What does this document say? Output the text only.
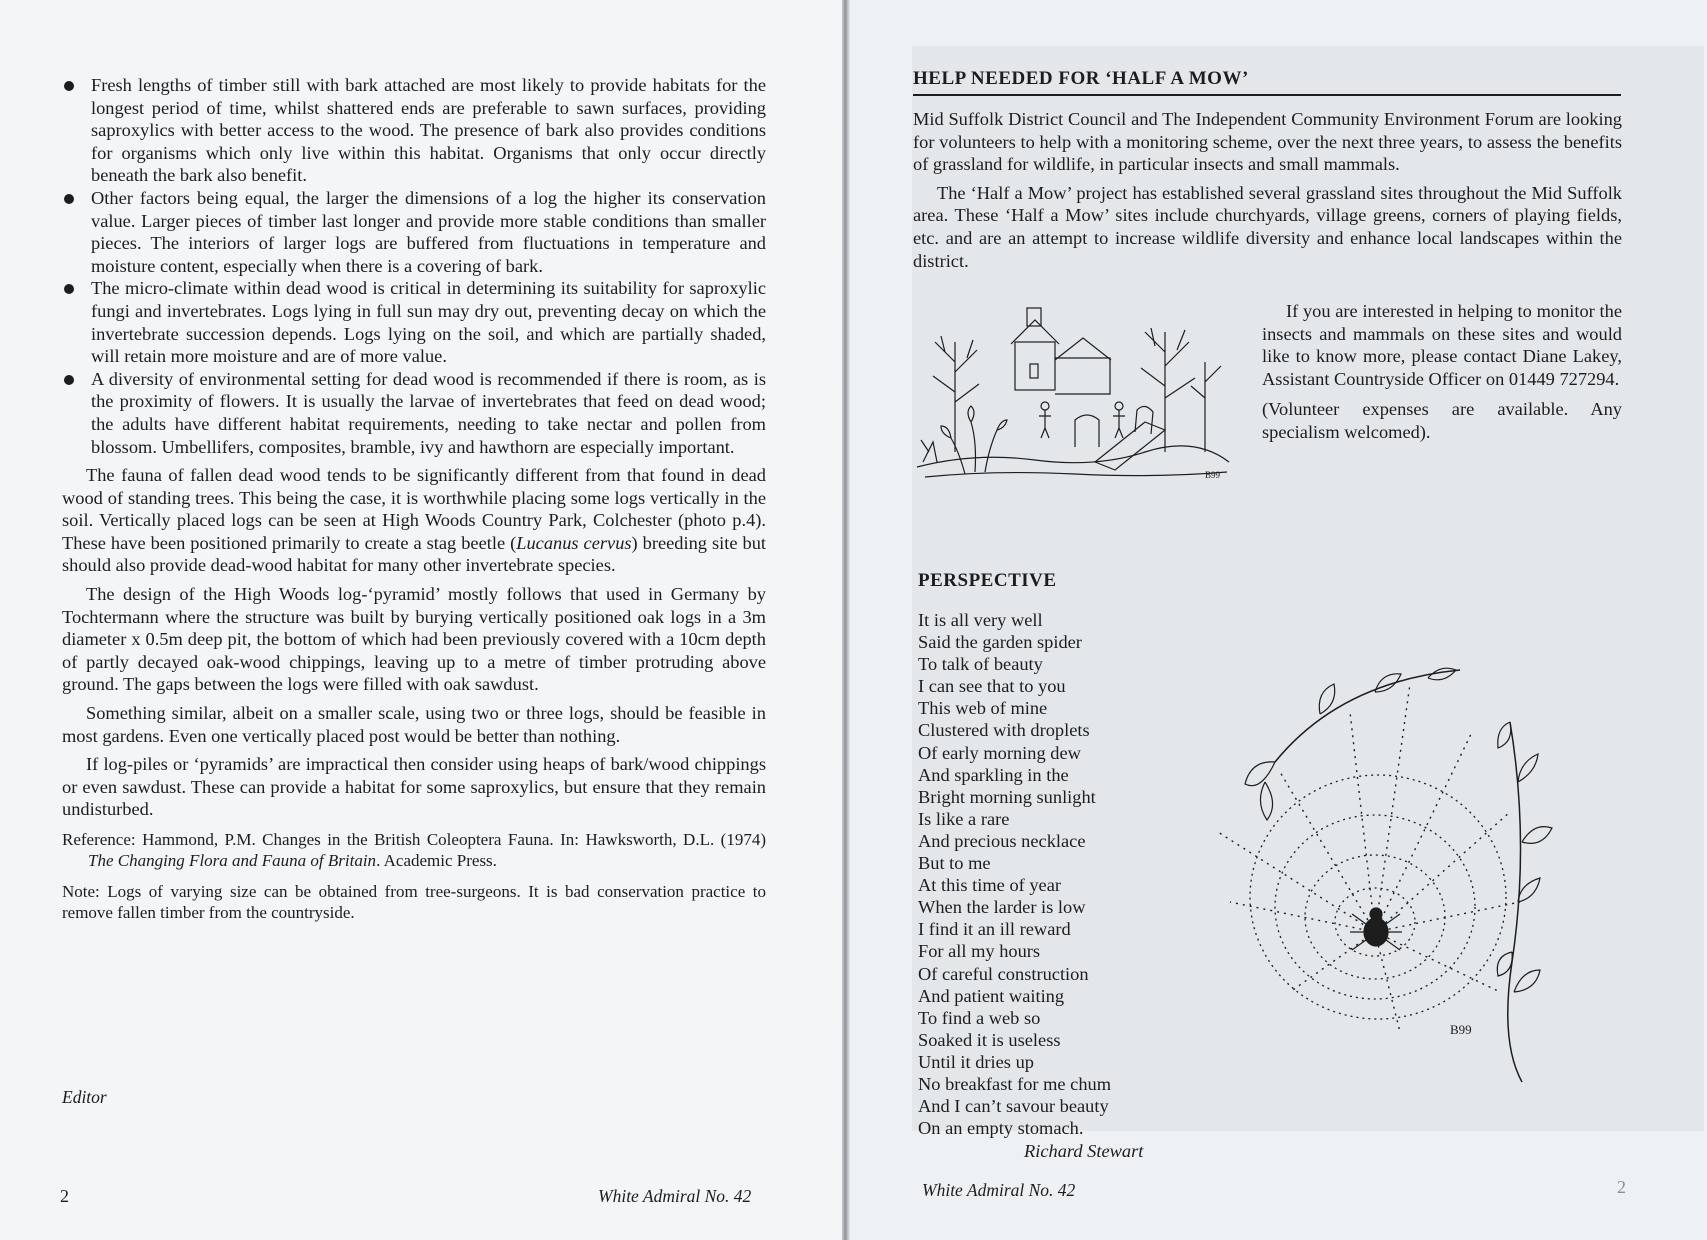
Fresh lengths of timber still with bark attached are most likely to provide habitats for the longest period of time, whilst shattered ends are preferable to sawn surfaces, providing saproxylics with better access to the wood. The presence of bark also provides conditions for organisms which only live within this habitat. Organisms that only occur directly beneath the bark also benefit.
Other factors being equal, the larger the dimensions of a log the higher its conservation value. Larger pieces of timber last longer and provide more stable conditions than smaller pieces. The interiors of larger logs are buffered from fluctuations in temperature and moisture content, especially when there is a covering of bark.
The micro-climate within dead wood is critical in determining its suitability for saproxylic fungi and invertebrates. Logs lying in full sun may dry out, preventing decay on which the invertebrate succession depends. Logs lying on the soil, and which are partially shaded, will retain more moisture and are of more value.
A diversity of environmental setting for dead wood is recommended if there is room, as is the proximity of flowers. It is usually the larvae of invertebrates that feed on dead wood; the adults have different habitat requirements, needing to take nectar and pollen from blossom. Umbellifers, composites, bramble, ivy and hawthorn are especially important.

The fauna of fallen dead wood tends to be significantly different from that found in dead wood of standing trees. This being the case, it is worthwhile placing some logs vertically in the soil. Vertically placed logs can be seen at High Woods Country Park, Colchester (photo p.4). These have been positioned primarily to create a stag beetle (Lucanus cervus) breeding site but should also provide dead-wood habitat for many other invertebrate species.

The design of the High Woods log-‘pyramid’ mostly follows that used in Germany by Tochtermann where the structure was built by burying vertically positioned oak logs in a 3m diameter x 0.5m deep pit, the bottom of which had been previously covered with a 10cm depth of partly decayed oak-wood chippings, leaving up to a metre of timber protruding above ground. The gaps between the logs were filled with oak sawdust.

Something similar, albeit on a smaller scale, using two or three logs, should be feasible in most gardens. Even one vertically placed post would be better than nothing.

If log-piles or ‘pyramids’ are impractical then consider using heaps of bark/wood chippings or even sawdust. These can provide a habitat for some saproxylics, but ensure that they remain undisturbed.

Reference: Hammond, P.M. Changes in the British Coleoptera Fauna. In: Hawksworth, D.L. (1974) The Changing Flora and Fauna of Britain. Academic Press.

Note: Logs of varying size can be obtained from tree-surgeons. It is bad conservation practice to remove fallen timber from the countryside.

Editor
2	White Admiral No. 42
HELP NEEDED FOR ‘HALF A MOW’

Mid Suffolk District Council and The Independent Community Environment Forum are looking for volunteers to help with a monitoring scheme, over the next three years, to assess the benefits of grassland for wildlife, in particular insects and small mammals.

The ‘Half a Mow’ project has established several grassland sites throughout the Mid Suffolk area. These ‘Half a Mow’ sites include churchyards, village greens, corners of playing fields, etc. and are an attempt to increase wildlife diversity and enhance local landscapes within the district.

B99

If you are interested in helping to monitor the insects and mammals on these sites and would like to know more, please contact Diane Lakey, Assistant Countryside Officer on 01449 727294.

(Volunteer expenses are available. Any specialism welcomed).

PERSPECTIVE
It is all very well
Said the garden spider
To talk of beauty
I can see that to you
This web of mine
Clustered with droplets
Of early morning dew
And sparkling in the
Bright morning sunlight
Is like a rare
And precious necklace
But to me
At this time of year
When the larder is low
I find it an ill reward
For all my hours
Of careful construction
And patient waiting
To find a web so
Soaked it is useless
Until it dries up
No breakfast for me chum
And I can’t savour beauty
On an empty stomach.
Richard Stewart
B99
White Admiral No. 42	2
